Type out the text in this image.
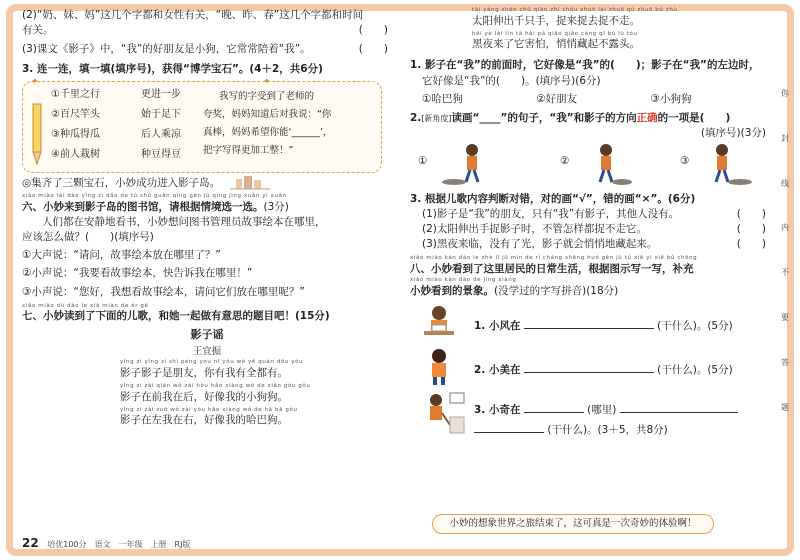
(2)“奶、妹、妈”这几个字都和女性有关，“晚、昨、春”这几个字都和时间
有关。	(　　)
(3)课文《影子》中，“我”的好朋友是小狗，它常常陪着“我”。	(　　)
3. 连一连，填一填(填序号)，获得“博学宝石”。(4＋2，共6分)
✦	✦
①千里之行
②百尺竿头
③种瓜得瓜
④前人栽树
更进一步
始于足下
后人乘凉
种豆得豆
我写的字受到了老师的
夸奖，妈妈知道后对我说：“你
真棒，妈妈希望你能‘______’，
把字写得更加工整！”
◎集齐了三颗宝石，小妙成功进入影子岛。
xiǎo miào lái dào yǐng zi dǎo de tú shū guǎn qǐng gēn jù qíng jìng xuǎn yi xuǎn
六、小妙来到影子岛的图书馆，请根据情境选一选。(3分)
人们都在安静地看书，小妙想问图书管理员故事绘本在哪里，
应该怎么做？(　　)(填序号)
①大声说：“请问，故事绘本放在哪里了？”
②小声说：“我要看故事绘本，快告诉我在哪里！”
③小声说：“您好，我想看故事绘本，请问它们放在哪里呢？”
xiǎo miào dú dào le xià miàn de ér gē
七、小妙读到了下面的儿歌，和她一起做有意思的题目吧！(15分)
影子谣
王宜振
yǐng zi yǐng zi shì péng you nǐ yǒu wǒ yě quán dōu yǒu
影子影子是朋友，你有我有全都有。
yǐng zi zài qián wǒ zài hòu hǎo xiàng wǒ de xiǎo gǒu gǒu
影子在前我在后，好像我的小狗狗。
yǐng zi zài zuǒ wǒ zài yòu hǎo xiàng wǒ de hā bā gǒu
影子在左我在右，好像我的哈巴狗。
tài yáng shēn chū qiān zhī shǒu zhuō lái zhuō qù zhuō bú zhù
太阳伸出千只手，捉来捉去捉不走。
hēi yè lái lín tā hài pà qiāo qiāo cáng qǐ bú lù tóu
黑夜来了它害怕，悄悄藏起不露头。
1. 影子在“我”的前面时，它好像是“我”的(　　)；影子在“我”的左边时，
它好像是“我”的(　　)。(填序号)(6分)
①哈巴狗	②好朋友	③小狗狗
2.[新角度]读画“____”的句子，“我”和影子的方向正确的一项是(　　)
(填序号)(3分)
①	②	③
3. 根据儿歌内容判断对错，对的画“√”，错的画“×”。(6分)
(1)影子是“我”的朋友，只有“我”有影子，其他人没有。	(　　)
(2)太阳伸出手捉影子时，不管怎样都捉不走它。	(　　)
(3)黑夜来临，没有了光，影子就会悄悄地藏起来。	(　　)
xiǎo miào kàn dào le zhè lǐ jū mín de rì cháng shēng huó gēn jù tú xiě yi xiě bǔ chōng
八、小妙看到了这里居民的日常生活，根据图示写一写，补充
xiǎo miào kàn dào de jǐng xiàng
小妙看到的景象。(没学过的字写拼音)(18分)
1. 小风在	(干什么)。(5分)
2. 小美在	(干什么)。(5分)
3. 小奇在	(哪里)
(干什么)。(3＋5，共8分)
小妙的想象世界之旅结束了，这可真是一次奇妙的体验啊！
你
封
线
内
不
要
答
题
22 培优100分　语文　一年级　上册　RJ版
